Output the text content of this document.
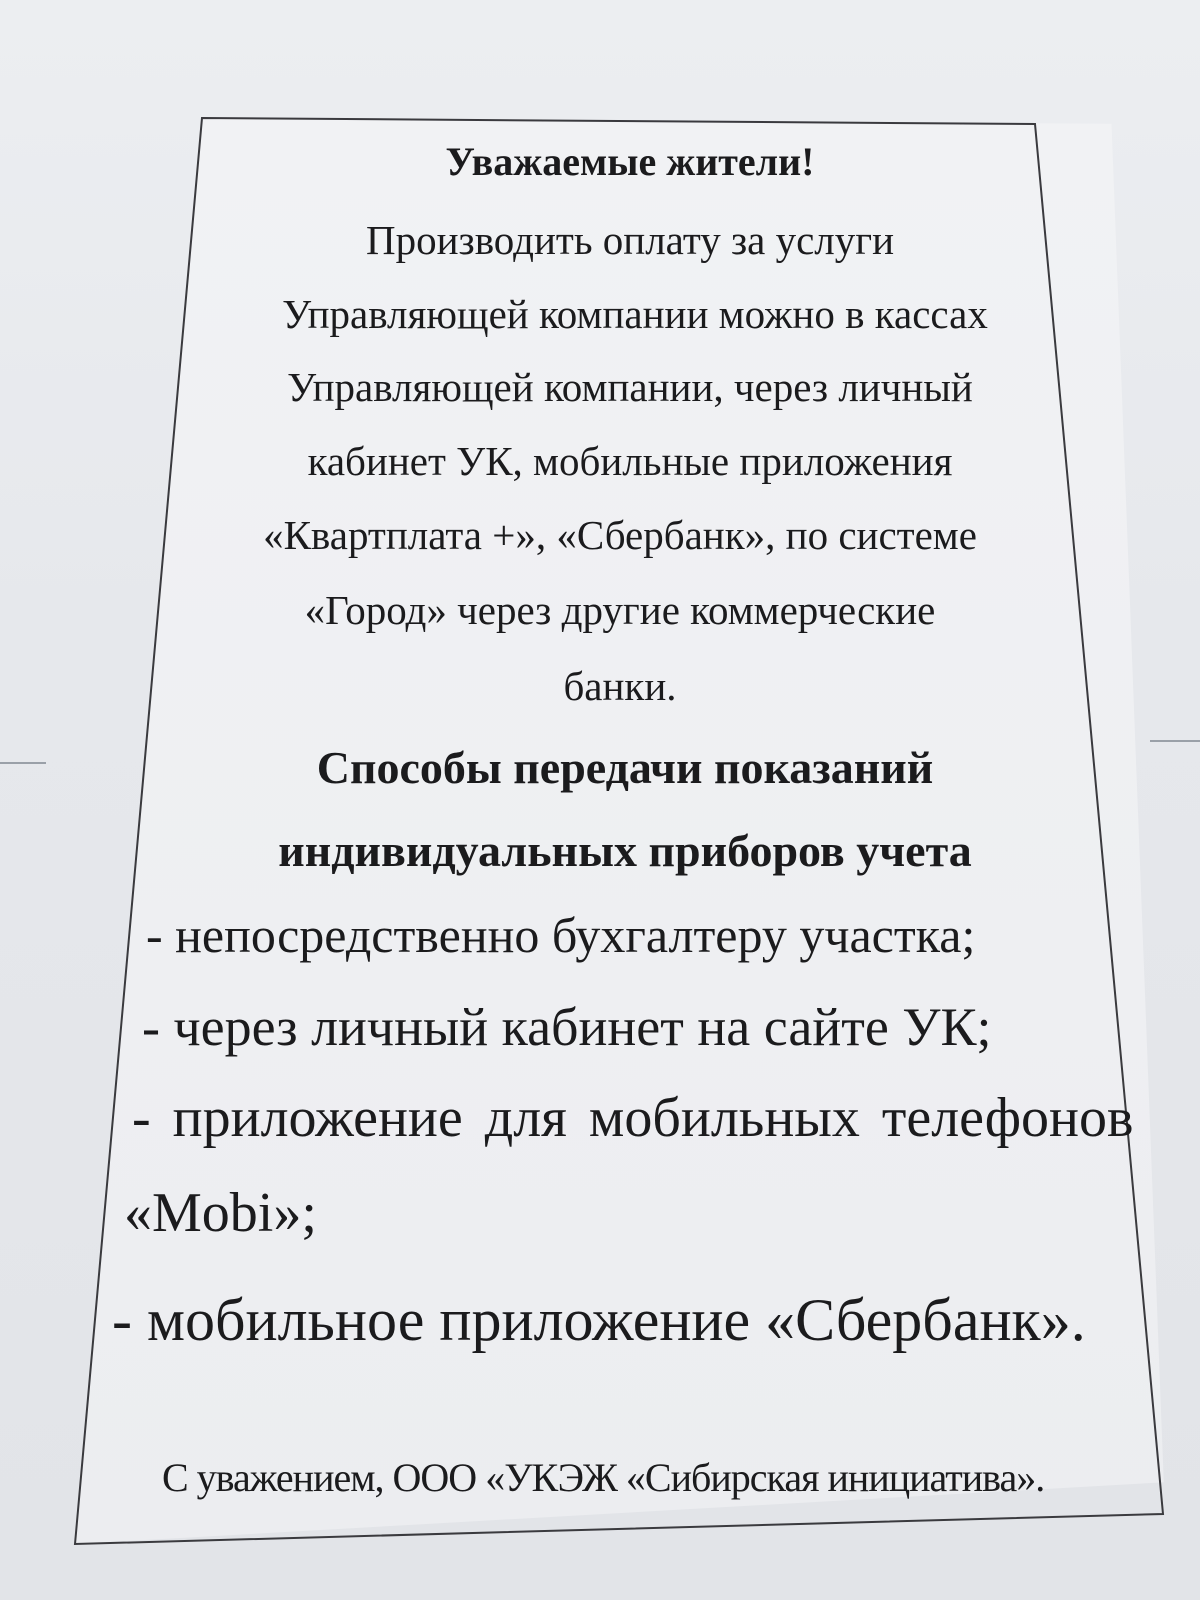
Уважаемые жители!
Производить оплату за услуги
Управляющей компании можно в кассах
Управляющей компании, через личный
кабинет УК, мобильные приложения
«Квартплата +», «Сбербанк», по системе
«Город» через другие коммерческие
банки.
Способы передачи показаний
индивидуальных приборов учета
- непосредственно бухгалтеру участка;
- через личный кабинет на сайте УК;
- приложение для мобильных телефонов
«Mobi»;
- мобильное приложение «Сбербанк».
С уважением, ООО «УКЭЖ «Сибирская инициатива».
